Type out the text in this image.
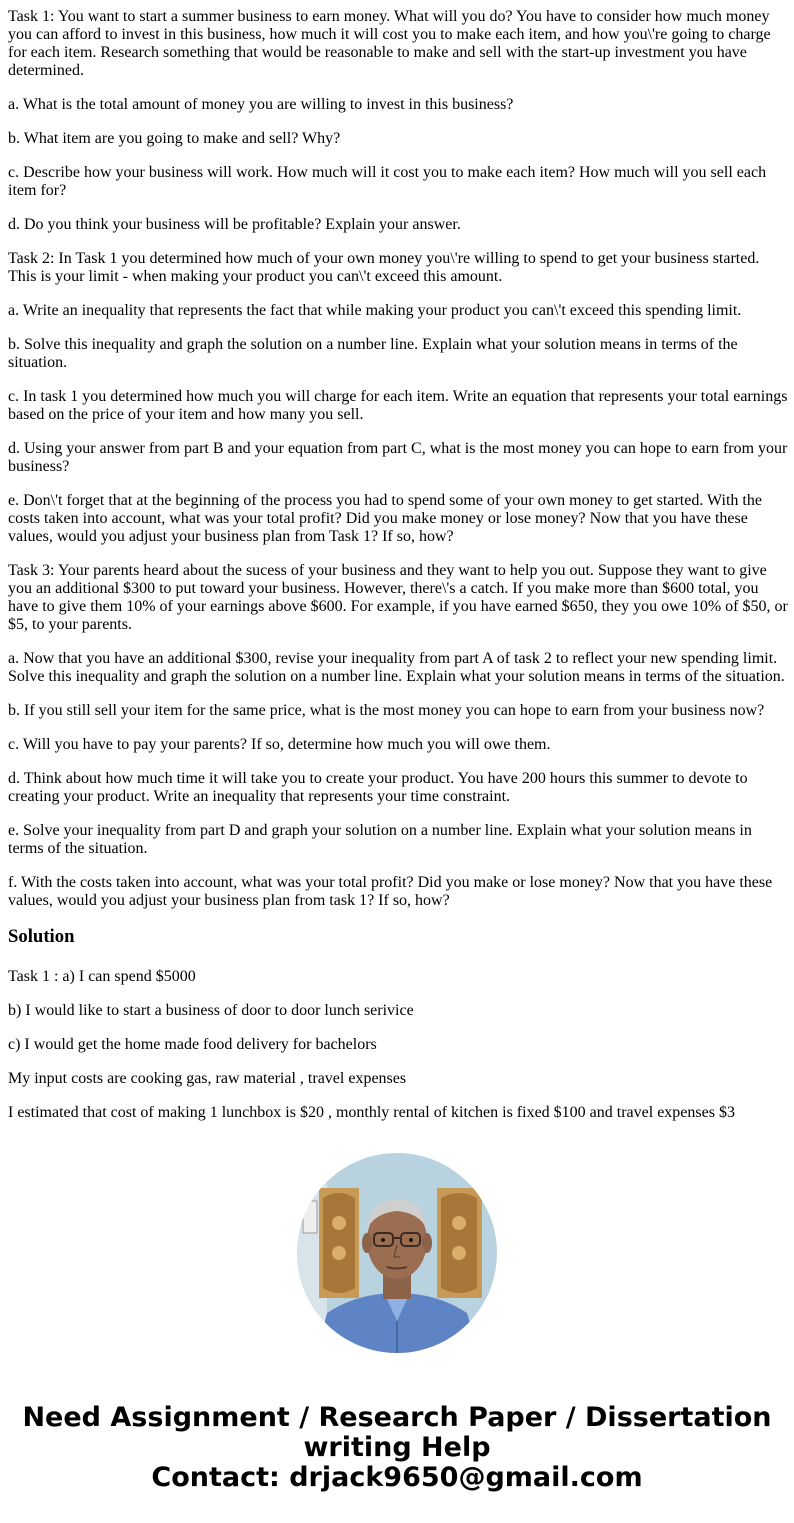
Task 1: You want to start a summer business to earn money. What will you do? You have to consider how much money you can afford to invest in this business, how much it will cost you to make each item, and how you\'re going to charge for each item. Research something that would be reasonable to make and sell with the start-up investment you have determined.

a. What is the total amount of money you are willing to invest in this business?

b. What item are you going to make and sell? Why?

c. Describe how your business will work. How much will it cost you to make each item? How much will you sell each item for?

d. Do you think your business will be profitable? Explain your answer.

Task 2: In Task 1 you determined how much of your own money you\'re willing to spend to get your business started. This is your limit - when making your product you can\'t exceed this amount.

a. Write an inequality that represents the fact that while making your product you can\'t exceed this spending limit.

b. Solve this inequality and graph the solution on a number line. Explain what your solution means in terms of the situation.

c. In task 1 you determined how much you will charge for each item. Write an equation that represents your total earnings based on the price of your item and how many you sell.

d. Using your answer from part B and your equation from part C, what is the most money you can hope to earn from your business?

e. Don\'t forget that at the beginning of the process you had to spend some of your own money to get started. With the costs taken into account, what was your total profit? Did you make money or lose money? Now that you have these values, would you adjust your business plan from Task 1? If so, how?

Task 3: Your parents heard about the sucess of your business and they want to help you out. Suppose they want to give you an additional $300 to put toward your business. However, there\'s a catch. If you make more than $600 total, you have to give them 10% of your earnings above $600. For example, if you have earned $650, they you owe 10% of $50, or $5, to your parents.

a. Now that you have an additional $300, revise your inequality from part A of task 2 to reflect your new spending limit. Solve this inequality and graph the solution on a number line. Explain what your solution means in terms of the situation.

b. If you still sell your item for the same price, what is the most money you can hope to earn from your business now?

c. Will you have to pay your parents? If so, determine how much you will owe them.

d. Think about how much time it will take you to create your product. You have 200 hours this summer to devote to creating your product. Write an inequality that represents your time constraint.

e. Solve your inequality from part D and graph your solution on a number line. Explain what your solution means in terms of the situation.

f. With the costs taken into account, what was your total profit? Did you make or lose money? Now that you have these values, would you adjust your business plan from task 1? If so, how?

Solution

Task 1 : a) I can spend $5000

b) I would like to start a business of door to door lunch serivice

c) I would get the home made food delivery for bachelors

My input costs are cooking gas, raw material , travel expenses

I estimated that cost of making 1 lunchbox is $20 , monthly rental of kitchen is fixed $100 and travel expenses $3

Need Assignment / Research Paper / Dissertation
writing Help
Contact: drjack9650@gmail.com
